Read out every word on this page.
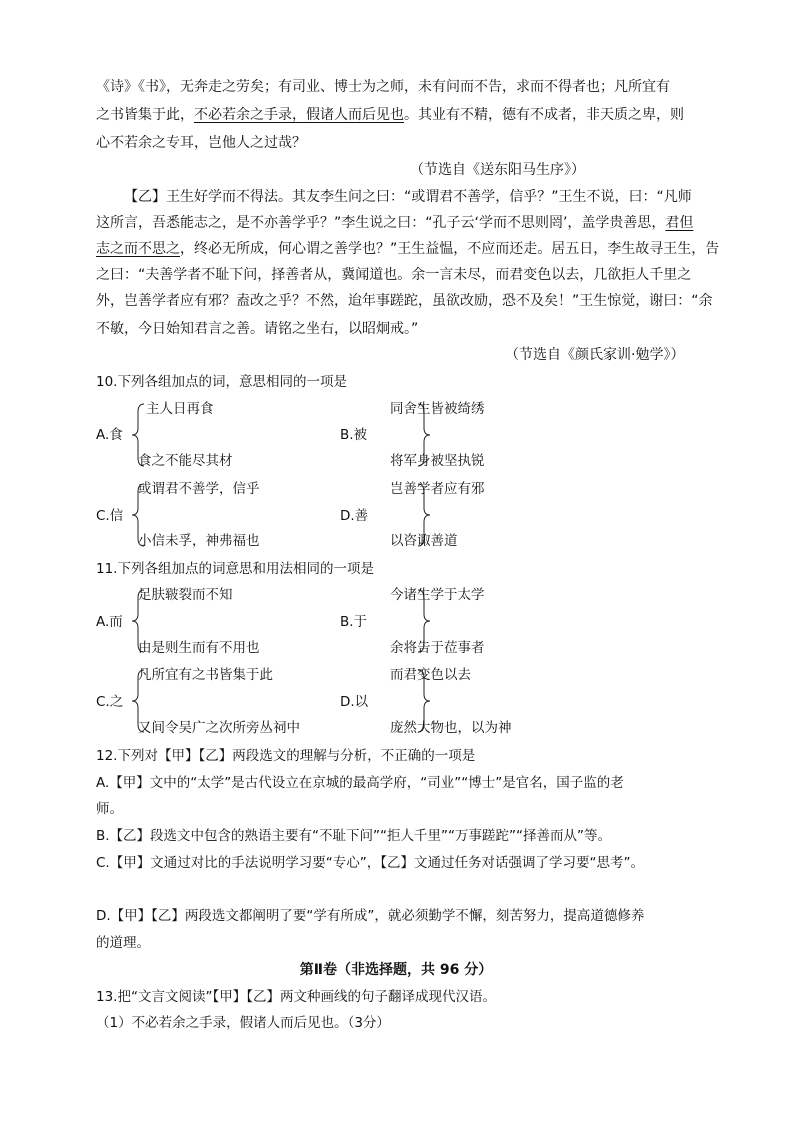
《诗》《书》，无奔走之劳矣；有司业、博士为之师，未有问而不告，求而不得者也；凡所宜有
之书皆集于此，不必若余之手录，假诸人而后见也。其业有不精，德有不成者，非天质之卑，则
心不若余之专耳，岂他人之过哉？
（节选自《送东阳马生序》）
【乙】王生好学而不得法。其友李生问之曰：“或谓君不善学，信乎？”王生不说，曰：“凡师
这所言，吾悉能志之，是不亦善学乎？”李生说之曰：“孔子云‘学而不思则罔’，盖学贵善思，君但
志之而不思之，终必无所成，何心谓之善学也？”王生益愠，不应而还走。居五日，李生故寻王生，告
之曰：“夫善学者不耻下问，择善者从，冀闻道也。余一言未尽，而君变色以去，几欲拒人千里之
外，岂善学者应有邪？盍改之乎？不然，迨年事蹉跎，虽欲改励，恐不及矣！”王生惊觉，谢曰：“余
不敏，今日始知君言之善。请铭之坐右，以昭炯戒。”
（节选自《颜氏家训·勉学》）
10.下列各组加点的词，意思相同的一项是
A.食
主人日再食
食之不能尽其材
B.被
同舍生皆被绮绣
将军身被坚执锐
C.信
或谓君不善学，信乎
小信未孚，神弗福也
D.善
岂善学者应有邪
以咨诹善道
11.下列各组加点的词意思和用法相同的一项是
A.而
足肤皲裂而不知
由是则生而有不用也
B.于
今诸生学于太学
余将告于莅事者
C.之
凡所宜有之书皆集于此
又间令吴广之次所旁丛祠中
D.以
而君变色以去
庞然大物也，以为神
12.下列对【甲】【乙】两段选文的理解与分析，不正确的一项是
A.【甲】文中的“太学”是古代设立在京城的最高学府，“司业”“博士”是官名，国子监的老
师。
B.【乙】段选文中包含的熟语主要有“不耻下问”“拒人千里”“万事蹉跎”“择善而从”等。
C.【甲】文通过对比的手法说明学习要“专心”，【乙】文通过任务对话强调了学习要“思考”。
D.【甲】【乙】两段选文都阐明了要“学有所成”，就必须勤学不懈，刻苦努力，提高道德修养
的道理。
第Ⅱ卷（非选择题，共 96 分）
13.把“文言文阅读”【甲】【乙】两文种画线的句子翻译成现代汉语。
（1）不必若余之手录，假诸人而后见也。（3分）
